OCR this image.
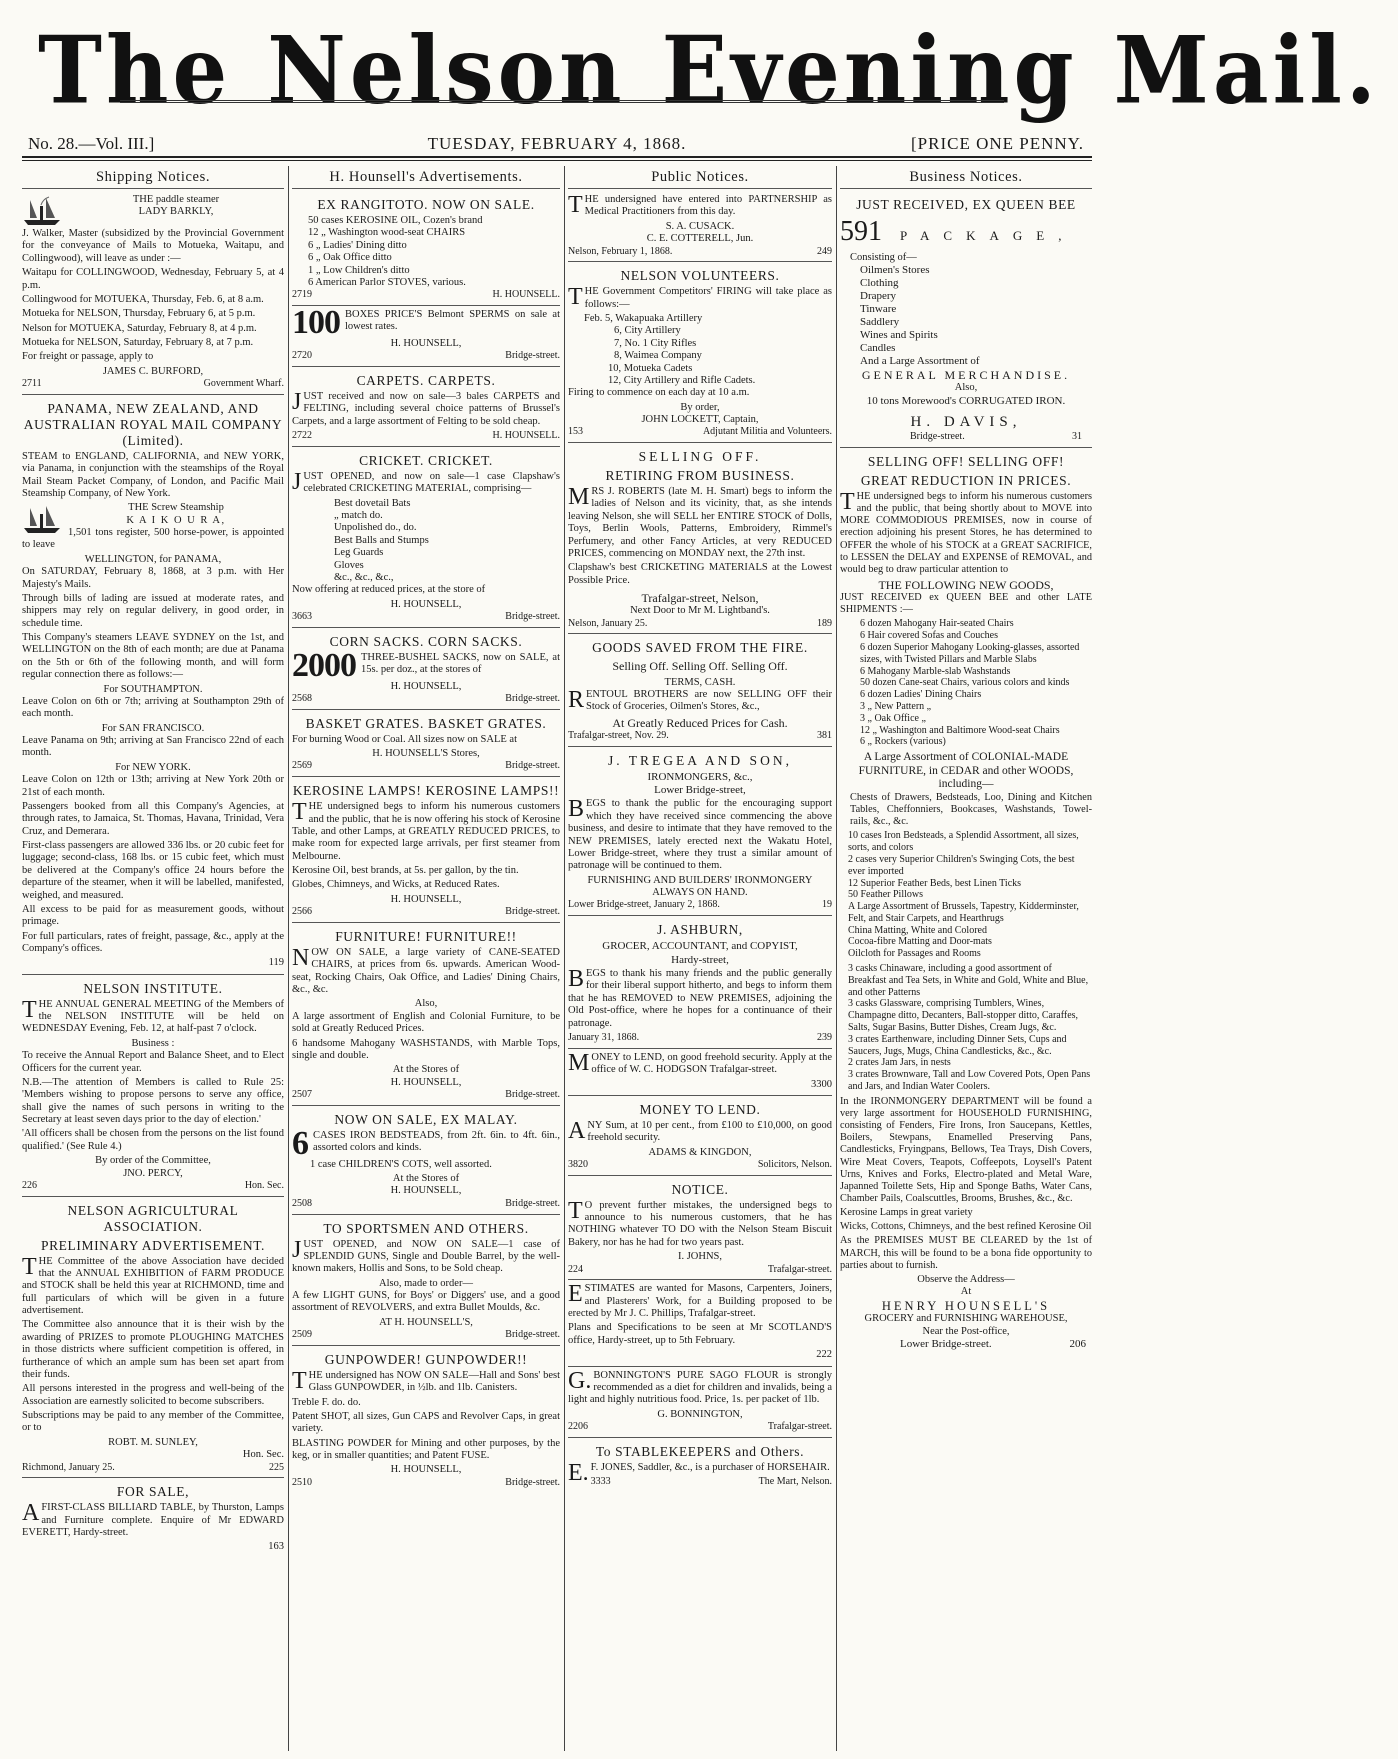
The Nelson Evening Mail.
No. 28.—Vol. III.]	TUESDAY, FEBRUARY 4, 1868.	[PRICE ONE PENNY.
Shipping Notices.
THE paddle steamer
LADY BARKLY,

J. Walker, Master (subsidized by the Provincial Government for the conveyance of Mails to Motueka, Waitapu, and Collingwood), will leave as under :—

Waitapu for COLLINGWOOD, Wednesday, February 5, at 4 p.m.

Collingwood for MOTUEKA, Thursday, Feb. 6, at 8 a.m.

Motueka for NELSON, Thursday, February 6, at 5 p.m.

Nelson for MOTUEKA, Saturday, February 8, at 4 p.m.

Motueka for NELSON, Saturday, February 8, at 7 p.m.

For freight or passage, apply to

JAMES C. BURFORD,
2711	Government Wharf.
PANAMA, NEW ZEALAND, AND AUSTRALIAN ROYAL MAIL COMPANY (Limited).

STEAM to ENGLAND, CALIFORNIA, and NEW YORK, via Panama, in conjunction with the steamships of the Royal Mail Steam Packet Company, of London, and Pacific Mail Steamship Company, of New York.

THE Screw Steamship
K A I K O U R A,

1,501 tons register, 500 horse-power, is appointed to leave

WELLINGTON, for PANAMA,

On SATURDAY, February 8, 1868, at 3 p.m. with Her Majesty's Mails.

Through bills of lading are issued at moderate rates, and shippers may rely on regular delivery, in good order, in schedule time.

This Company's steamers LEAVE SYDNEY on the 1st, and WELLINGTON on the 8th of each month; are due at Panama on the 5th or 6th of the following month, and will form regular connection there as follows:—

For SOUTHAMPTON.

Leave Colon on 6th or 7th; arriving at Southampton 29th of each month.

For SAN FRANCISCO.

Leave Panama on 9th; arriving at San Francisco 22nd of each month.

For NEW YORK.

Leave Colon on 12th or 13th; arriving at New York 20th or 21st of each month.

Passengers booked from all this Company's Agencies, at through rates, to Jamaica, St. Thomas, Havana, Trinidad, Vera Cruz, and Demerara.

First-class passengers are allowed 336 lbs. or 20 cubic feet for luggage; second-class, 168 lbs. or 15 cubic feet, which must be delivered at the Company's office 24 hours before the departure of the steamer, when it will be labelled, manifested, weighed, and measured.

All excess to be paid for as measurement goods, without primage.

For full particulars, rates of freight, passage, &c., apply at the Company's offices.

119
NELSON INSTITUTE.

THE ANNUAL GENERAL MEETING of the Members of the NELSON INSTITUTE will be held on WEDNESDAY Evening, Feb. 12, at half-past 7 o'clock.

Business :

To receive the Annual Report and Balance Sheet, and to Elect Officers for the current year.

N.B.—The attention of Members is called to Rule 25: 'Members wishing to propose persons to serve any office, shall give the names of such persons in writing to the Secretary at least seven days prior to the day of election.'

'All officers shall be chosen from the persons on the list found qualified.' (See Rule 4.)

By order of the Committee,
JNO. PERCY,
226	Hon. Sec.
NELSON AGRICULTURAL ASSOCIATION.
PRELIMINARY ADVERTISEMENT.

THE Committee of the above Association have decided that the ANNUAL EXHIBITION of FARM PRODUCE and STOCK shall be held this year at RICHMOND, time and full particulars of which will be given in a future advertisement.

The Committee also announce that it is their wish by the awarding of PRIZES to promote PLOUGHING MATCHES in those districts where sufficient competition is offered, in furtherance of which an ample sum has been set apart from their funds.

All persons interested in the progress and well-being of the Association are earnestly solicited to become subscribers.

Subscriptions may be paid to any member of the Committee, or to

ROBT. M. SUNLEY,
Hon. Sec.
Richmond, January 25.	225
FOR SALE,

AFIRST-CLASS BILLIARD TABLE, by Thurston, Lamps and Furniture complete. Enquire of Mr EDWARD EVERETT, Hardy-street.

163
H. Hounsell's Advertisements.
EX RANGITOTO. NOW ON SALE.
50 cases KEROSINE OIL, Cozen's brand
12 „ Washington wood-seat CHAIRS
6 „ Ladies' Dining ditto
6 „ Oak Office ditto
1 „ Low Children's ditto
6 American Parlor STOVES, various.
2719	H. HOUNSELL.

100 BOXES PRICE'S Belmont SPERMS on sale at lowest rates.

H. HOUNSELL,
2720	Bridge-street.
CARPETS. CARPETS.

JUST received and now on sale—3 bales CARPETS and FELTING, including several choice patterns of Brussel's Carpets, and a large assortment of Felting to be sold cheap.

2722	H. HOUNSELL.
CRICKET. CRICKET.

JUST OPENED, and now on sale—1 case Clapshaw's celebrated CRICKETING MATERIAL, comprising—

Best dovetail Bats
„ match do.
Unpolished do., do.
Best Balls and Stumps
Leg Guards
Gloves
&c., &c., &c.,

Now offering at reduced prices, at the store of

H. HOUNSELL,
3663	Bridge-street.
CORN SACKS. CORN SACKS.

2000 THREE-BUSHEL SACKS, now on SALE, at 15s. per doz., at the stores of

H. HOUNSELL,
2568	Bridge-street.
BASKET GRATES. BASKET GRATES.

For burning Wood or Coal. All sizes now on SALE at

H. HOUNSELL'S Stores,
2569	Bridge-street.
KEROSINE LAMPS! KEROSINE LAMPS!!

THE undersigned begs to inform his numerous customers and the public, that he is now offering his stock of Kerosine Table, and other Lamps, at GREATLY REDUCED PRICES, to make room for expected large arrivals, per first steamer from Melbourne.

Kerosine Oil, best brands, at 5s. per gallon, by the tin.

Globes, Chimneys, and Wicks, at Reduced Rates.

H. HOUNSELL,
2566	Bridge-street.
FURNITURE! FURNITURE!!

NOW ON SALE, a large variety of CANE-SEATED CHAIRS, at prices from 6s. upwards. American Wood-seat, Rocking Chairs, Oak Office, and Ladies' Dining Chairs, &c., &c.

Also,

A large assortment of English and Colonial Furniture, to be sold at Greatly Reduced Prices.

6 handsome Mahogany WASHSTANDS, with Marble Tops, single and double.

At the Stores of
H. HOUNSELL,
2507	Bridge-street.
NOW ON SALE, EX MALAY.

6 CASES IRON BEDSTEADS, from 2ft. 6in. to 4ft. 6in., assorted colors and kinds.

1 case CHILDREN'S COTS, well assorted.

At the Stores of
H. HOUNSELL,
2508	Bridge-street.
TO SPORTSMEN AND OTHERS.

JUST OPENED, and NOW ON SALE—1 case of SPLENDID GUNS, Single and Double Barrel, by the well-known makers, Hollis and Sons, to be Sold cheap.

Also, made to order—

A few LIGHT GUNS, for Boys' or Diggers' use, and a good assortment of REVOLVERS, and extra Bullet Moulds, &c.

AT H. HOUNSELL'S,
2509	Bridge-street.
GUNPOWDER! GUNPOWDER!!

THE undersigned has NOW ON SALE—Hall and Sons' best Glass GUNPOWDER, in ½lb. and 1lb. Canisters.

Treble F. do. do.

Patent SHOT, all sizes, Gun CAPS and Revolver Caps, in great variety.

BLASTING POWDER for Mining and other purposes, by the keg, or in smaller quantities; and Patent FUSE.

H. HOUNSELL,
2510	Bridge-street.
Public Notices.

THE undersigned have entered into PARTNERSHIP as Medical Practitioners from this day.

S. A. CUSACK.
C. E. COTTERELL, Jun.
Nelson, February 1, 1868.	249
NELSON VOLUNTEERS.

THE Government Competitors' FIRING will take place as follows:—

Feb. 5, Wakapuaka Artillery
6, City Artillery
7, No. 1 City Rifles
8, Waimea Company
10, Motueka Cadets
12, City Artillery and Rifle Cadets.

Firing to commence on each day at 10 a.m.

By order,
JOHN LOCKETT, Captain,
153	Adjutant Militia and Volunteers.
SELLING OFF.
RETIRING FROM BUSINESS.

MRS J. ROBERTS (late M. H. Smart) begs to inform the ladies of Nelson and its vicinity, that, as she intends leaving Nelson, she will SELL her ENTIRE STOCK of Dolls, Toys, Berlin Wools, Patterns, Embroidery, Rimmel's Perfumery, and other Fancy Articles, at very REDUCED PRICES, commencing on MONDAY next, the 27th inst.

Clapshaw's best CRICKETING MATERIALS at the Lowest Possible Price.

Trafalgar-street, Nelson,
Next Door to Mr M. Lightband's.
Nelson, January 25.	189
GOODS SAVED FROM THE FIRE.
Selling Off. Selling Off. Selling Off.
TERMS, CASH.

RENTOUL BROTHERS are now SELLING OFF their Stock of Groceries, Oilmen's Stores, &c.,

At Greatly Reduced Prices for Cash.
Trafalgar-street, Nov. 29.	381
J. TREGEA AND SON,
IRONMONGERS, &c.,
Lower Bridge-street,

BEGS to thank the public for the encouraging support which they have received since commencing the above business, and desire to intimate that they have removed to the NEW PREMISES, lately erected next the Wakatu Hotel, Lower Bridge-street, where they trust a similar amount of patronage will be continued to them.

FURNISHING AND BUILDERS' IRONMONGERY ALWAYS ON HAND.
Lower Bridge-street, January 2, 1868.	19
J. ASHBURN,
GROCER, ACCOUNTANT, and COPYIST,
Hardy-street,

BEGS to thank his many friends and the public generally for their liberal support hitherto, and begs to inform them that he has REMOVED to NEW PREMISES, adjoining the Old Post-office, where he hopes for a continuance of their patronage.

January 31, 1868.	239

MONEY to LEND, on good freehold security. Apply at the office of W. C. HODGSON Trafalgar-street.

3300
MONEY TO LEND.

ANY Sum, at 10 per cent., from £100 to £10,000, on good freehold security.

ADAMS & KINGDON,
3820	Solicitors, Nelson.
NOTICE.

TO prevent further mistakes, the undersigned begs to announce to his numerous customers, that he has NOTHING whatever TO DO with the Nelson Steam Biscuit Bakery, nor has he had for two years past.

I. JOHNS,
224	Trafalgar-street.

ESTIMATES are wanted for Masons, Carpenters, Joiners, and Plasterers' Work, for a Building proposed to be erected by Mr J. C. Phillips, Trafalgar-street.

Plans and Specifications to be seen at Mr SCOTLAND'S office, Hardy-street, up to 5th February.

222

G.BONNINGTON'S PURE SAGO FLOUR is strongly recommended as a diet for children and invalids, being a light and highly nutritious food. Price, 1s. per packet of 1lb.

G. BONNINGTON,
2206	Trafalgar-street.
To STABLEKEEPERS and Others.

E.F. JONES, Saddler, &c., is a purchaser of HORSEHAIR.

3333	The Mart, Nelson.
Business Notices.
JUST RECEIVED, EX QUEEN BEE
591 PACKAGE,
Consisting of—
Oilmen's Stores
Clothing
Drapery
Tinware
Saddlery
Wines and Spirits
Candles
And a Large Assortment of
GENERAL MERCHANDISE.
Also,
10 tons Morewood's CORRUGATED IRON.
H. DAVIS,
Bridge-street.	31
SELLING OFF! SELLING OFF!
GREAT REDUCTION IN PRICES.

THE undersigned begs to inform his numerous customers and the public, that being shortly about to MOVE into MORE COMMODIOUS PREMISES, now in course of erection adjoining his present Stores, he has determined to OFFER the whole of his STOCK at a GREAT SACRIFICE, to LESSEN the DELAY and EXPENSE of REMOVAL, and would beg to draw particular attention to

THE FOLLOWING NEW GOODS,

JUST RECEIVED ex QUEEN BEE and other LATE SHIPMENTS :—

6 dozen Mahogany Hair-seated Chairs
6 Hair covered Sofas and Couches
6 dozen Superior Mahogany Looking-glasses, assorted sizes, with Twisted Pillars and Marble Slabs
6 Mahogany Marble-slab Washstands
50 dozen Cane-seat Chairs, various colors and kinds
6 dozen Ladies' Dining Chairs
3 „ New Pattern „
3 „ Oak Office „
12 „ Washington and Baltimore Wood-seat Chairs
6 „ Rockers (various)
A Large Assortment of COLONIAL-MADE FURNITURE, in CEDAR and other WOODS, including—

Chests of Drawers, Bedsteads, Loo, Dining and Kitchen Tables, Cheffonniers, Bookcases, Washstands, Towel-rails, &c., &c.

10 cases Iron Bedsteads, a Splendid Assortment, all sizes, sorts, and colors
2 cases very Superior Children's Swinging Cots, the best ever imported
12 Superior Feather Beds, best Linen Ticks
50 Feather Pillows
A Large Assortment of Brussels, Tapestry, Kidderminster, Felt, and Stair Carpets, and Hearthrugs
China Matting, White and Colored
Cocoa-fibre Matting and Door-mats
Oilcloth for Passages and Rooms
3 casks Chinaware, including a good assortment of Breakfast and Tea Sets, in White and Gold, White and Blue, and other Patterns
3 casks Glassware, comprising Tumblers, Wines, Champagne ditto, Decanters, Ball-stopper ditto, Caraffes, Salts, Sugar Basins, Butter Dishes, Cream Jugs, &c.
3 crates Earthenware, including Dinner Sets, Cups and Saucers, Jugs, Mugs, China Candlesticks, &c., &c.
2 crates Jam Jars, in nests
3 crates Brownware, Tall and Low Covered Pots, Open Pans and Jars, and Indian Water Coolers.

In the IRONMONGERY DEPARTMENT will be found a very large assortment for HOUSEHOLD FURNISHING, consisting of Fenders, Fire Irons, Iron Saucepans, Kettles, Boilers, Stewpans, Enamelled Preserving Pans, Candlesticks, Fryingpans, Bellows, Tea Trays, Dish Covers, Wire Meat Covers, Teapots, Coffeepots, Loysell's Patent Urns, Knives and Forks, Electro-plated and Metal Ware, Japanned Toilette Sets, Hip and Sponge Baths, Water Cans, Chamber Pails, Coalscuttles, Brooms, Brushes, &c., &c.

Kerosine Lamps in great variety

Wicks, Cottons, Chimneys, and the best refined Kerosine Oil

As the PREMISES MUST BE CLEARED by the 1st of MARCH, this will be found to be a bona fide opportunity to parties about to furnish.

Observe the Address—
At
HENRY HOUNSELL'S
GROCERY and FURNISHING WAREHOUSE,
Near the Post-office,
Lower Bridge-street.	206
